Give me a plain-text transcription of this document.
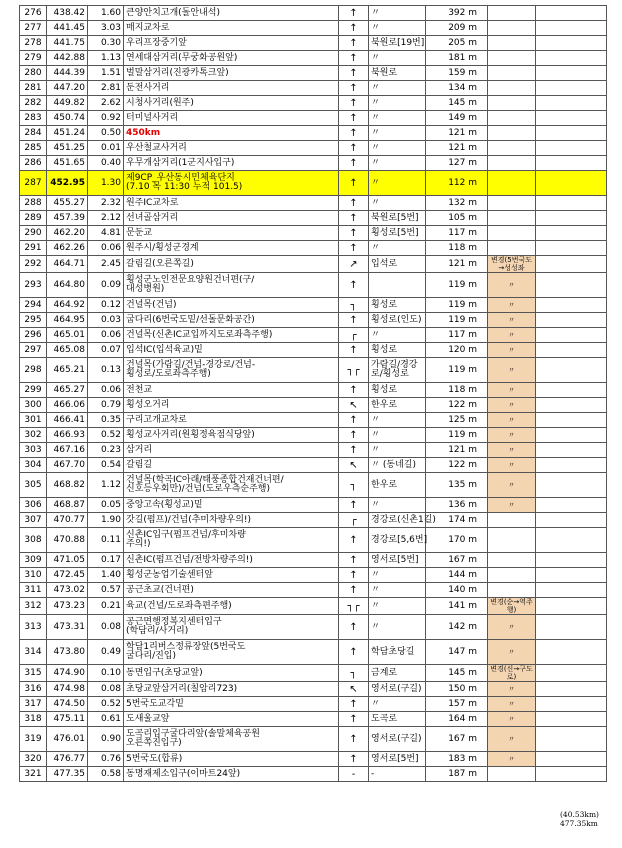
276	438.42	1.60	큰양안치고개(돌안내석)	↑	〃	392 m		
277	441.45	3.03	매지교차로	↑	〃	209 m		
278	441.75	0.30	우리프장중기앞	↑	북원로[19번]	205 m		
279	442.88	1.13	연세대삼거리(무궁화공원앞)	↑	〃	181 m		
280	444.39	1.51	벌말삼거리(진광카톡크앞)	↑	북원로	159 m		
281	447.20	2.81	둔전사거리	↑	〃	134 m		
282	449.82	2.62	시청사거리(원주)	↑	〃	145 m		
283	450.74	0.92	터미널사거리	↑	〃	149 m		
284	451.24	0.50	450km	↑	〃	121 m		
285	451.25	0.01	우산철교사거리	↑	〃	121 m		
286	451.65	0.40	우무개삼거리(1군지사입구)	↑	〃	127 m		
287	452.95	1.30	제9CP_우산동시민체육단지
(7.10 목 11:30 누적 101.5)	↑	〃	112 m		
288	455.27	2.32	원주IC교차로	↑	〃	132 m		
289	457.39	2.12	선녀골삼거리	↑	북원로[5번]	105 m		
290	462.20	4.81	문둔교	↑	횡성로[5번]	117 m		
291	462.26	0.06	원주시/횡성군경계	↑	〃	118 m		
292	464.71	2.45	갈림길(오른쪽길)	↗	입석로	121 m	변경(5번국도→성성좌	
293	464.80	0.09	횡성군노인전문요양원건너편(구/
대성병원)	↑		119 m	〃	
294	464.92	0.12	건널목(건넘)	┐	횡성로	119 m	〃	
295	464.95	0.03	굽다리(6번국도밑/선돌문화공간)	↑	횡성로(인도)	119 m	〃	
296	465.01	0.06	건널목(신촌IC교입까지도로좌측주행)	┌	〃	117 m	〃	
297	465.08	0.07	입석IC(입석육교)밑	↑	횡성로	120 m	〃	
298	465.21	0.13	건널목(가람길/건넘-경강로/건넘-
횡성로/도로좌측주행)	┐┌	가람길/경강로/횡성로	119 m	〃	
299	465.27	0.06	전천교	↑	횡성로	118 m	〃	
300	466.06	0.79	횡성오거리	↖	한우로	122 m	〃	
301	466.41	0.35	구리고개교차로	↑	〃	125 m	〃	
302	466.93	0.52	횡성교사거리(원횡정육점식당앞)	↑	〃	119 m	〃	
303	467.16	0.23	삼거리	↑	〃	121 m	〃	
304	467.70	0.54	갈림길	↖	〃 (동네길)	122 m	〃	
305	468.82	1.12	건널목(학곡IC아래/태풍종합건재건너편/
신호등우회만)/건넘(도로우측순주행)	┐	한우로	135 m	〃	
306	468.87	0.05	중앙고속(횡성교)밑	↑	〃	136 m	〃	
307	470.77	1.90	갓길(펌프)/건넘(추미차량우의!)	┌	경강로(신촌1길)	174 m		
308	470.88	0.11	신촌IC입구(펌프건넘/후미차량
주의!)	↑	경강로[5,6번]	170 m		
309	471.05	0.17	신촌IC(펌프건넘/전방차량주의!)	↑	영서로[5번]	167 m		
310	472.45	1.40	횡성군농업기술센터앞	↑	〃	144 m		
311	473.02	0.57	공근초교(건너편)	↑	〃	140 m		
312	473.23	0.21	육교(건널/도로좌측편주행)	┐┌	〃	141 m	변경(순→역주행)	
313	473.31	0.08	공근면행정복지센터입구
(학담리/사거리)	↑	〃	142 m	〃	
314	473.80	0.49	학담1리버스정류장앞(5번국도
굴다리/진입)	↑	학담초당길	147 m	〃	
315	474.90	0.10	동면입구(초당교앞)	┐	금계로	145 m	변경(신→구도로)	
316	474.98	0.08	초당교앞삼거리(칠암리723)	↖	영서로(구길)	150 m	〃	
317	474.50	0.52	5번국도교각밑	↑	〃	157 m	〃	
318	475.11	0.61	도새울교앞	↑	도곡로	164 m	〃	
319	476.01	0.90	도곡리입구굴다리앞(솔말체육공원
오른쪽진입구)	↑	영서로(구길)	167 m	〃	
320	476.77	0.76	5번국도(합류)	↑	영서로[5번]	183 m	〃	
321	477.35	0.58	동명재제소입구(이마트24앞)	-	-	187 m		
(40.53km)
477.35km
